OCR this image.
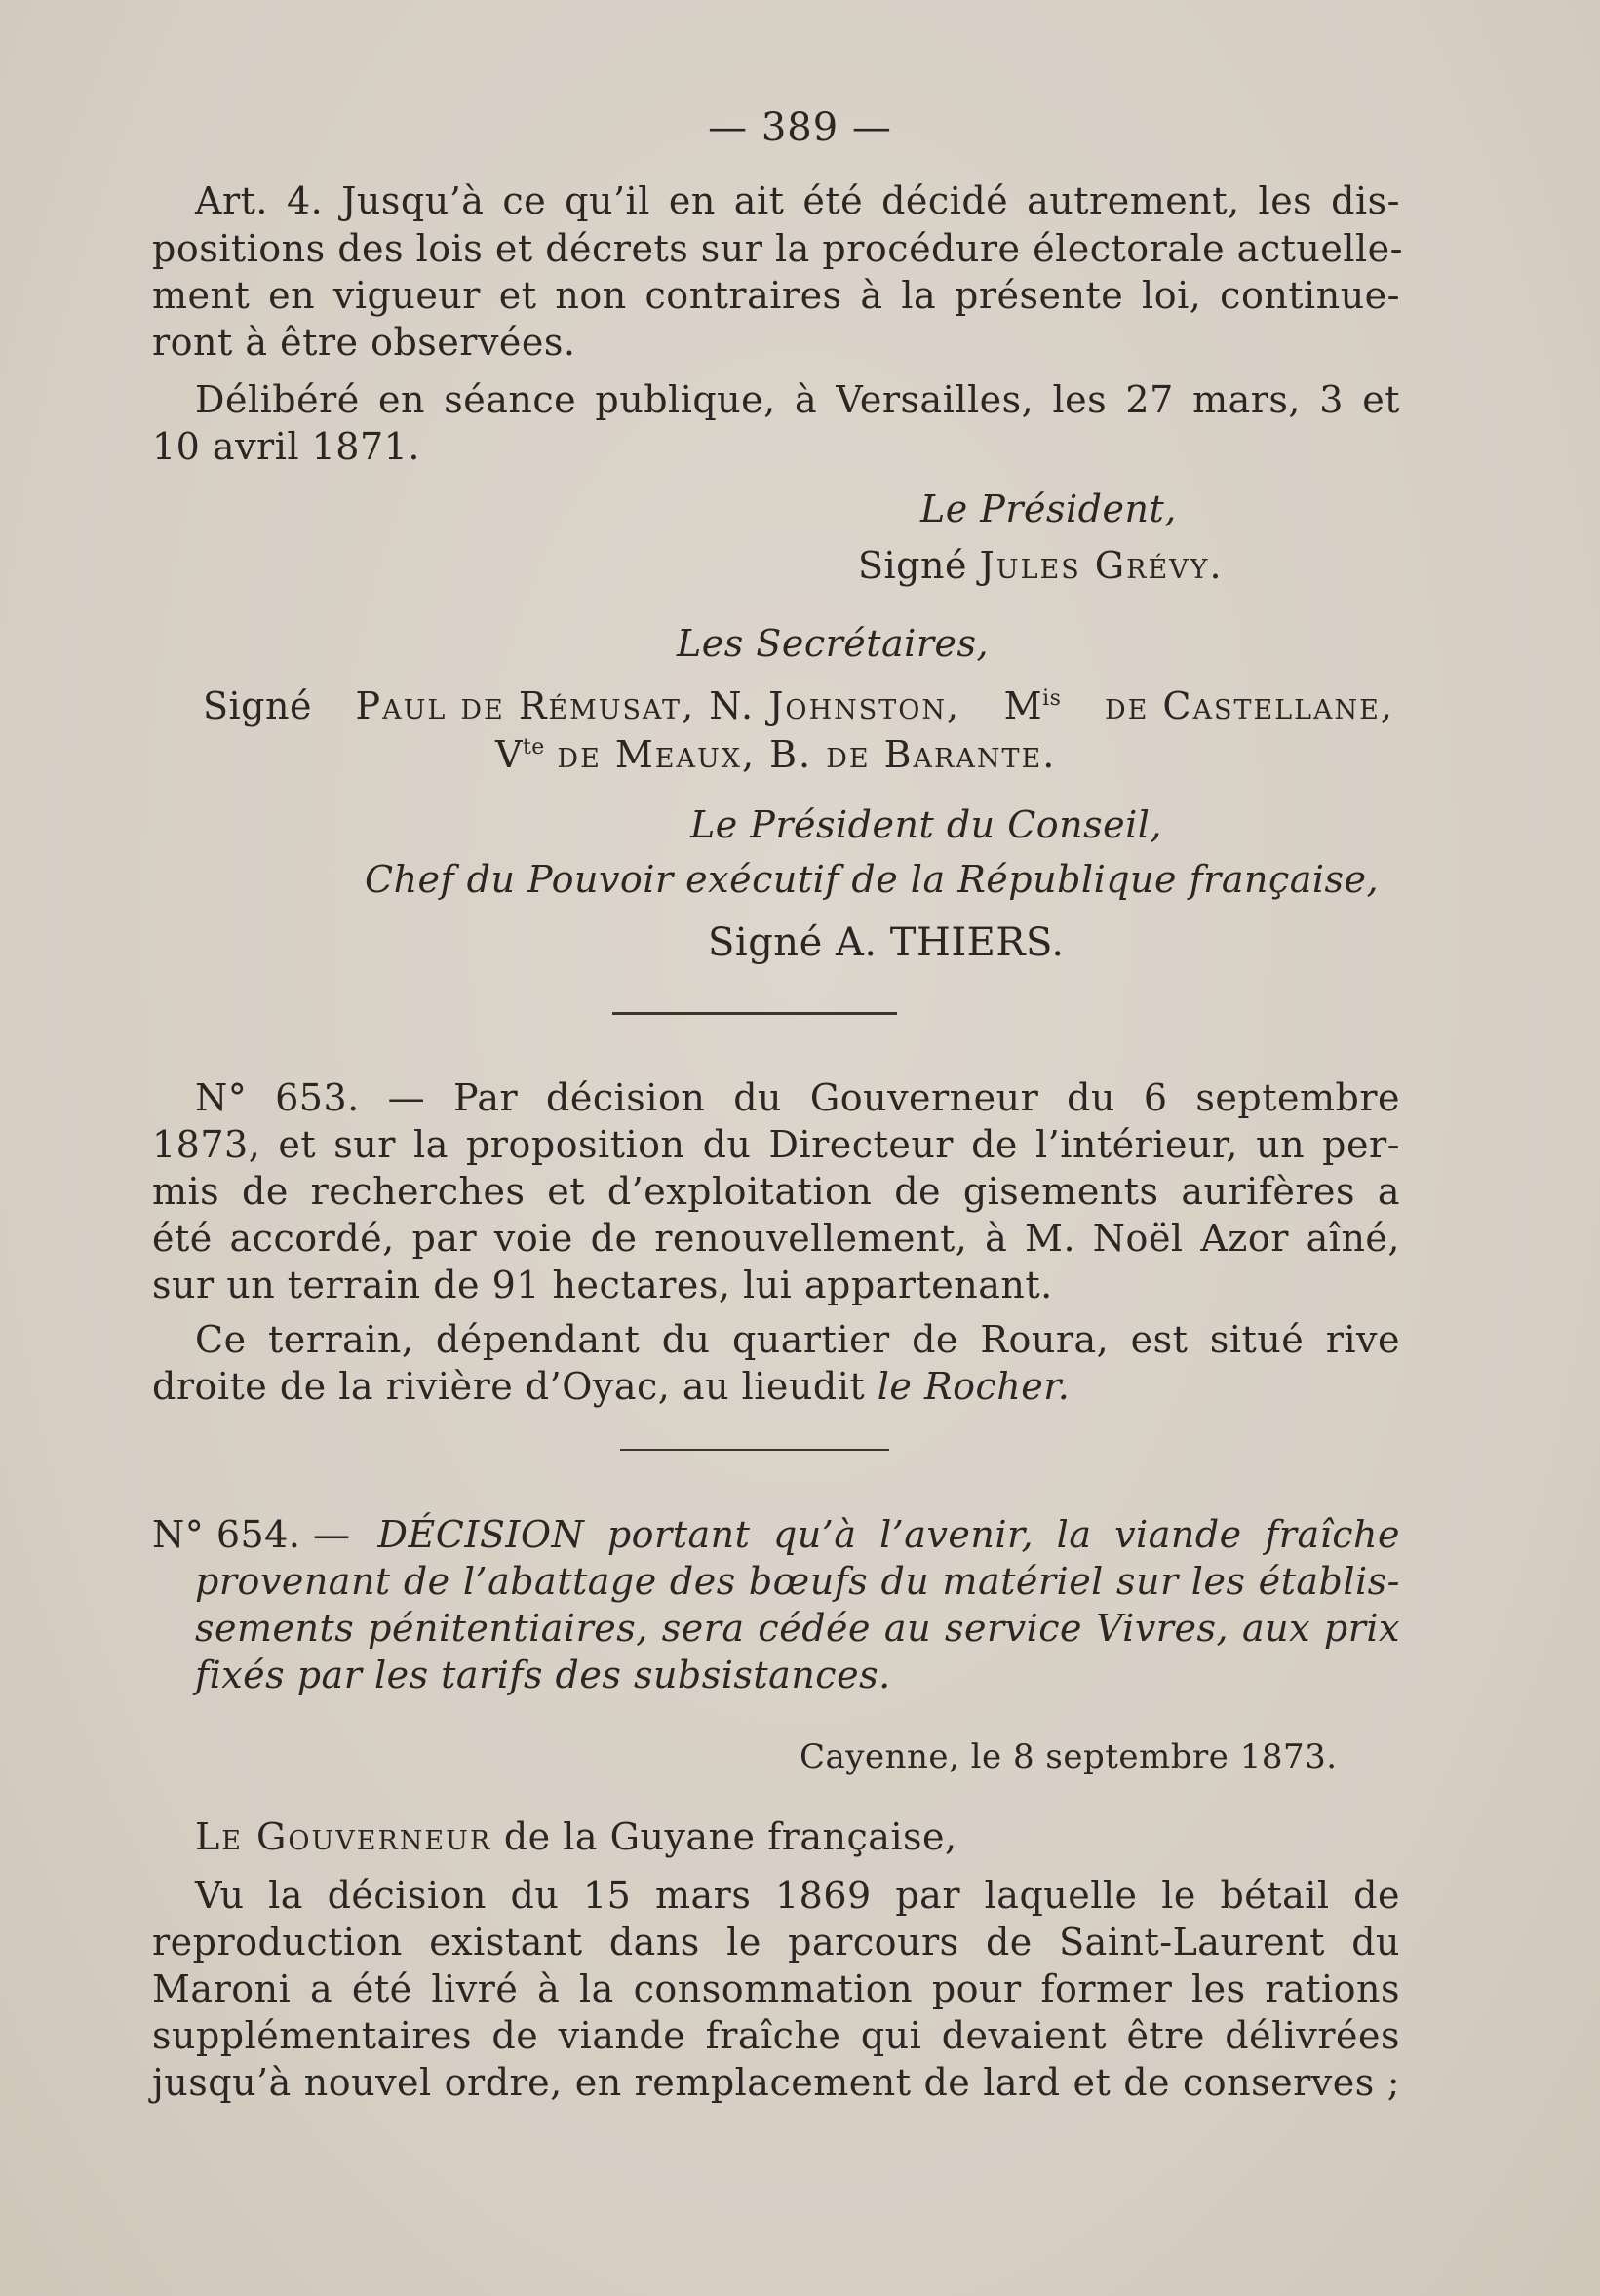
— 389 —
Art. 4. Jusqu’à ce qu’il en ait été décidé autrement, les dis-
positions des lois et décrets sur la procédure électorale actuelle-
ment en vigueur et non contraires à la présente loi, continue-
ront à être observées.
Délibéré en séance publique, à Versailles, les 27 mars, 3 et
10 avril 1871.
Le Président,
Signé Jules Grévy.
Les Secrétaires,
Signé Paul de Rémusat, N. Johnston, $M^{is}$ de Castellane,
$V^{te}$ de Meaux, B. de Barante.
Le Président du Conseil,
Chef du Pouvoir exécutif de la République française,
Signé A. THIERS.
N° 653. — Par décision du Gouverneur du 6 septembre
1873, et sur la proposition du Directeur de l’intérieur, un per-
mis de recherches et d’exploitation de gisements aurifères a
été accordé, par voie de renouvellement, à M. Noël Azor aîné,
sur un terrain de 91 hectares, lui appartenant.
Ce terrain, dépendant du quartier de Roura, est situé rive
droite de la rivière d’Oyac, au lieudit le Rocher.
N° 654. — DÉCISION portant qu’à l’avenir, la viande fraîche
provenant de l’abattage des bœufs du matériel sur les établis-
sements pénitentiaires, sera cédée au service Vivres, aux prix
fixés par les tarifs des subsistances.
Cayenne, le 8 septembre 1873.
Le Gouverneur de la Guyane française,
Vu la décision du 15 mars 1869 par laquelle le bétail de
reproduction existant dans le parcours de Saint-Laurent du
Maroni a été livré à la consommation pour former les rations
supplémentaires de viande fraîche qui devaient être délivrées
jusqu’à nouvel ordre, en remplacement de lard et de conserves ;
